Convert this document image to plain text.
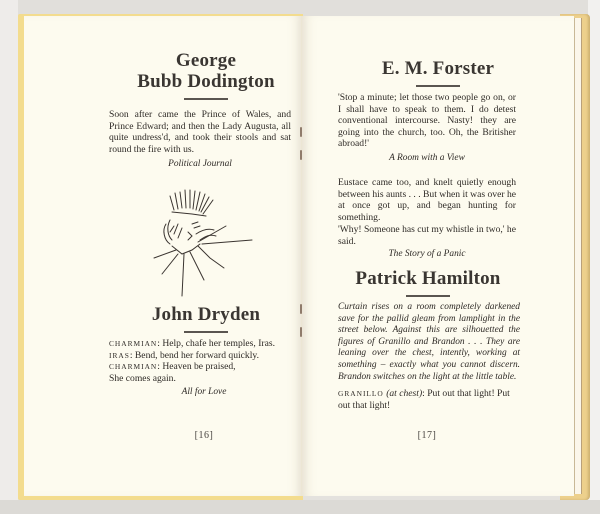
George
Bubb Dodington
Soon after came the Prince of Wales, and Prince Edward; and then the Lady Augusta, all quite undress'd, and took their stools and sat round the fire with us.
Political Journal
John Dryden
CHARMIAN: Help, chafe her temples, Iras.
IRAS: Bend, bend her forward quickly.
CHARMIAN: Heaven be praised,
She comes again.
All for Love
[16]
E. M. Forster
'Stop a minute; let those two people go on, or I shall have to speak to them. I do detest conventional intercourse. Nasty! they are going into the church, too. Oh, the Britisher abroad!'
A Room with a View
Eustace came too, and knelt quietly enough between his aunts . . . But when it was over he at once got up, and began hunting for something.
'Why! Someone has cut my whistle in two,' he said.
The Story of a Panic
Patrick Hamilton
Curtain rises on a room completely darkened save for the pallid gleam from lamplight in the street below. Against this are silhouetted the figures of Granillo and Brandon . . . They are leaning over the chest, intently, working at something – exactly what you cannot discern. Brandon switches on the light at the little table.
GRANILLO (at chest): Put out that light! Put out that light!
[17]
